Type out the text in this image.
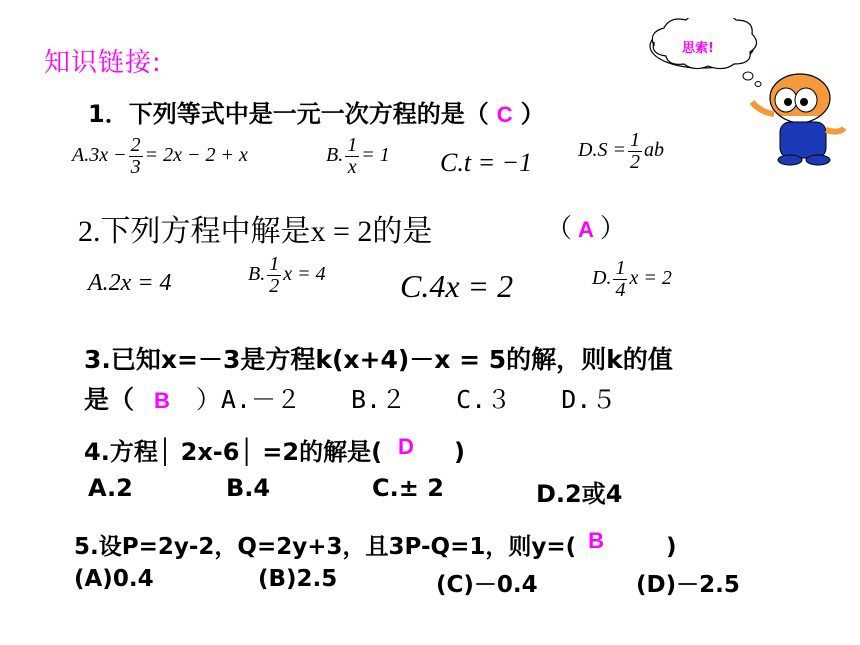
知识链接:	思索!
1．下列等式中是一元一次方程的是（ C ）
$A.3x - \frac{2}{3} = 2x - 2 + x$	B. $\frac{1}{x} = 1$ C.t = −1 $D.S = \frac{1}{2}$ ab
2.下列方程中解是x = 2的是	（ A ）
A.2x = 4	B. $\frac{1}{2}$ x = 4 C.4x = 2	D. $\frac{1}{4}$ x = 2
3.已知x=－3是方程k(x+4)－x = 5的解，则k的值
是（ B ）A.－２　　B.２　　C.３　　D.５
4.方程│ 2x-6│ =2的解是( D )
A.2	B.4	C.± 2	D.2或4
5.设P=2y-2，Q=2y+3，且3P-Q=1，则y=( B	)
(A)0.4	(B)2.5	(C)－0.4	(D)－2.5
